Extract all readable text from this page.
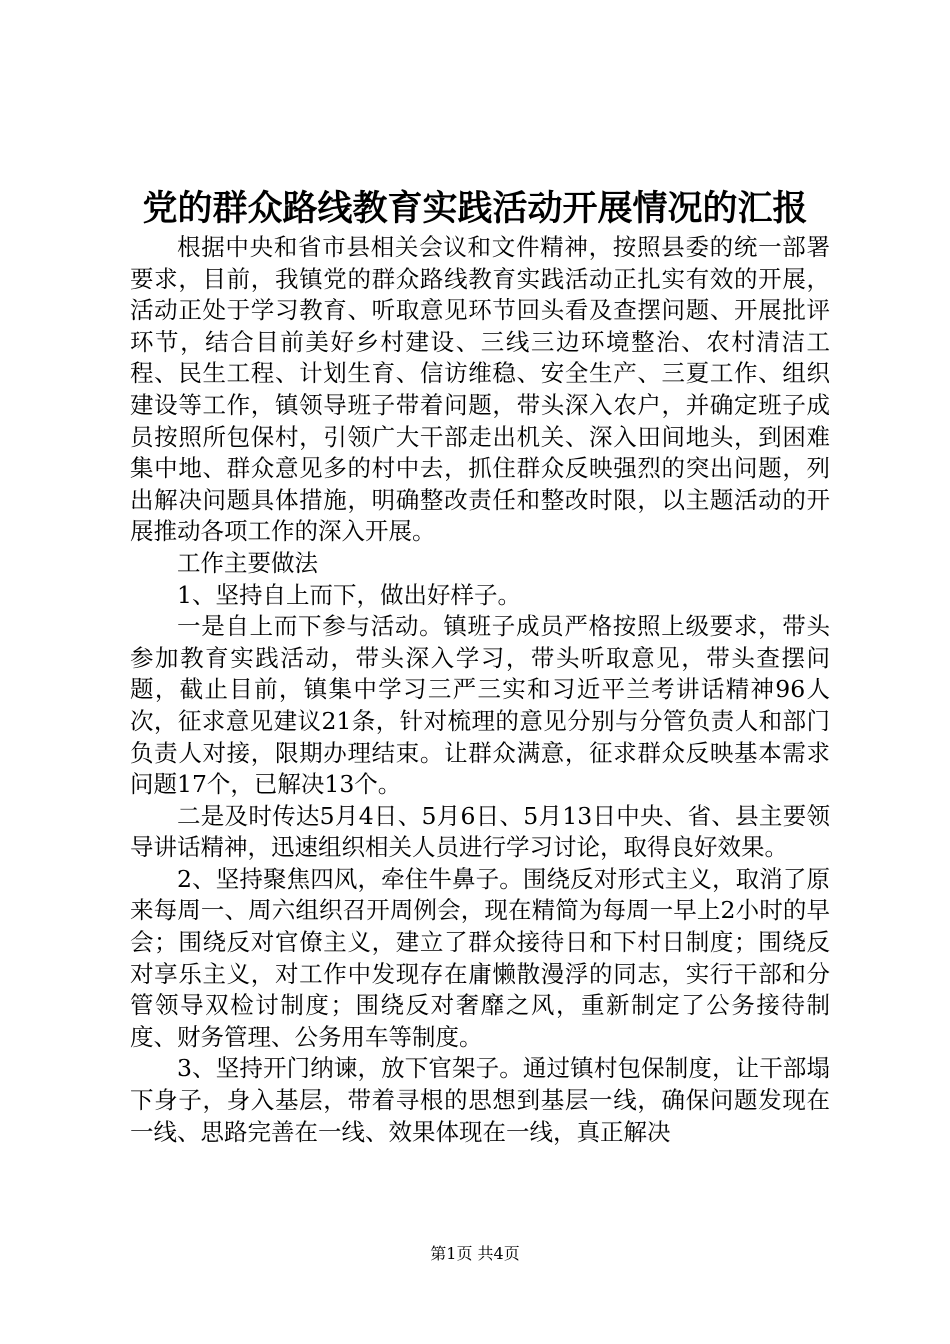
党的群众路线教育实践活动开展情况的汇报

根据中央和省市县相关会议和文件精神，按照县委的统一部署要求，目前，我镇党的群众路线教育实践活动正扎实有效的开展，活动正处于学习教育、听取意见环节回头看及查摆问题、开展批评环节，结合目前美好乡村建设、三线三边环境整治、农村清洁工程、民生工程、计划生育、信访维稳、安全生产、三夏工作、组织建设等工作，镇领导班子带着问题，带头深入农户，并确定班子成员按照所包保村，引领广大干部走出机关、深入田间地头，到困难集中地、群众意见多的村中去，抓住群众反映强烈的突出问题，列出解决问题具体措施，明确整改责任和整改时限，以主题活动的开展推动各项工作的深入开展。

工作主要做法

1、坚持自上而下，做出好样子。

一是自上而下参与活动。镇班子成员严格按照上级要求，带头参加教育实践活动，带头深入学习，带头听取意见，带头查摆问题，截止目前，镇集中学习三严三实和习近平兰考讲话精神96人次，征求意见建议21条，针对梳理的意见分别与分管负责人和部门负责人对接，限期办理结束。让群众满意，征求群众反映基本需求问题17个，已解决13个。

二是及时传达5月4日、5月6日、5月13日中央、省、县主要领导讲话精神，迅速组织相关人员进行学习讨论，取得良好效果。

2、坚持聚焦四风，牵住牛鼻子。围绕反对形式主义，取消了原来每周一、周六组织召开周例会，现在精简为每周一早上2小时的早会；围绕反对官僚主义，建立了群众接待日和下村日制度；围绕反对享乐主义，对工作中发现存在庸懒散漫浮的同志，实行干部和分管领导双检讨制度；围绕反对奢靡之风，重新制定了公务接待制度、财务管理、公务用车等制度。

3、坚持开门纳谏，放下官架子。通过镇村包保制度，让干部塌下身子，身入基层，带着寻根的思想到基层一线，确保问题发现在一线、思路完善在一线、效果体现在一线，真正解决

第1页 共4页
